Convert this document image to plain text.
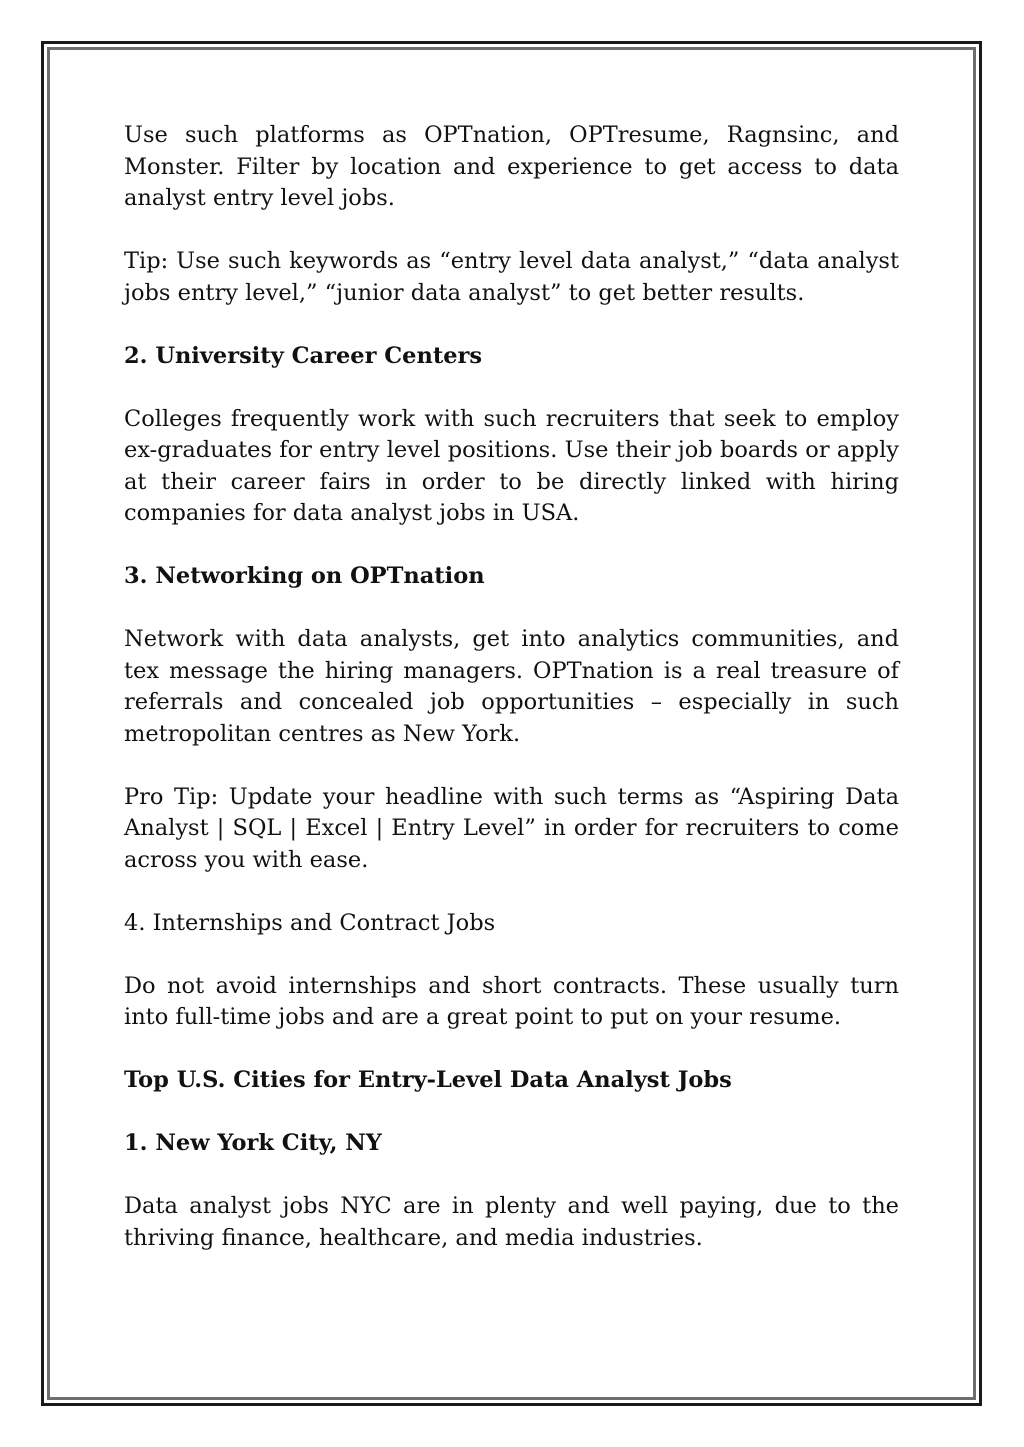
Use such platforms as OPTnation, OPTresume, Ragnsinc, and Monster. Filter by location and experience to get access to data analyst entry level jobs.

Tip: Use such keywords as “entry level data analyst,” “data analyst jobs entry level,” “junior data analyst” to get better results.

2. University Career Centers

Colleges frequently work with such recruiters that seek to employ ex-graduates for entry level positions. Use their job boards or apply at their career fairs in order to be directly linked with hiring companies for data analyst jobs in USA.

3. Networking on OPTnation

Network with data analysts, get into analytics communities, and tex message the hiring managers. OPTnation is a real treasure of referrals and concealed job opportunities – especially in such metropolitan centres as New York.

Pro Tip: Update your headline with such terms as “Aspiring Data Analyst | SQL | Excel | Entry Level” in order for recruiters to come across you with ease.

4. Internships and Contract Jobs

Do not avoid internships and short contracts. These usually turn into full-time jobs and are a great point to put on your resume.

Top U.S. Cities for Entry-Level Data Analyst Jobs

1. New York City, NY

Data analyst jobs NYC are in plenty and well paying, due to the thriving finance, healthcare, and media industries.
